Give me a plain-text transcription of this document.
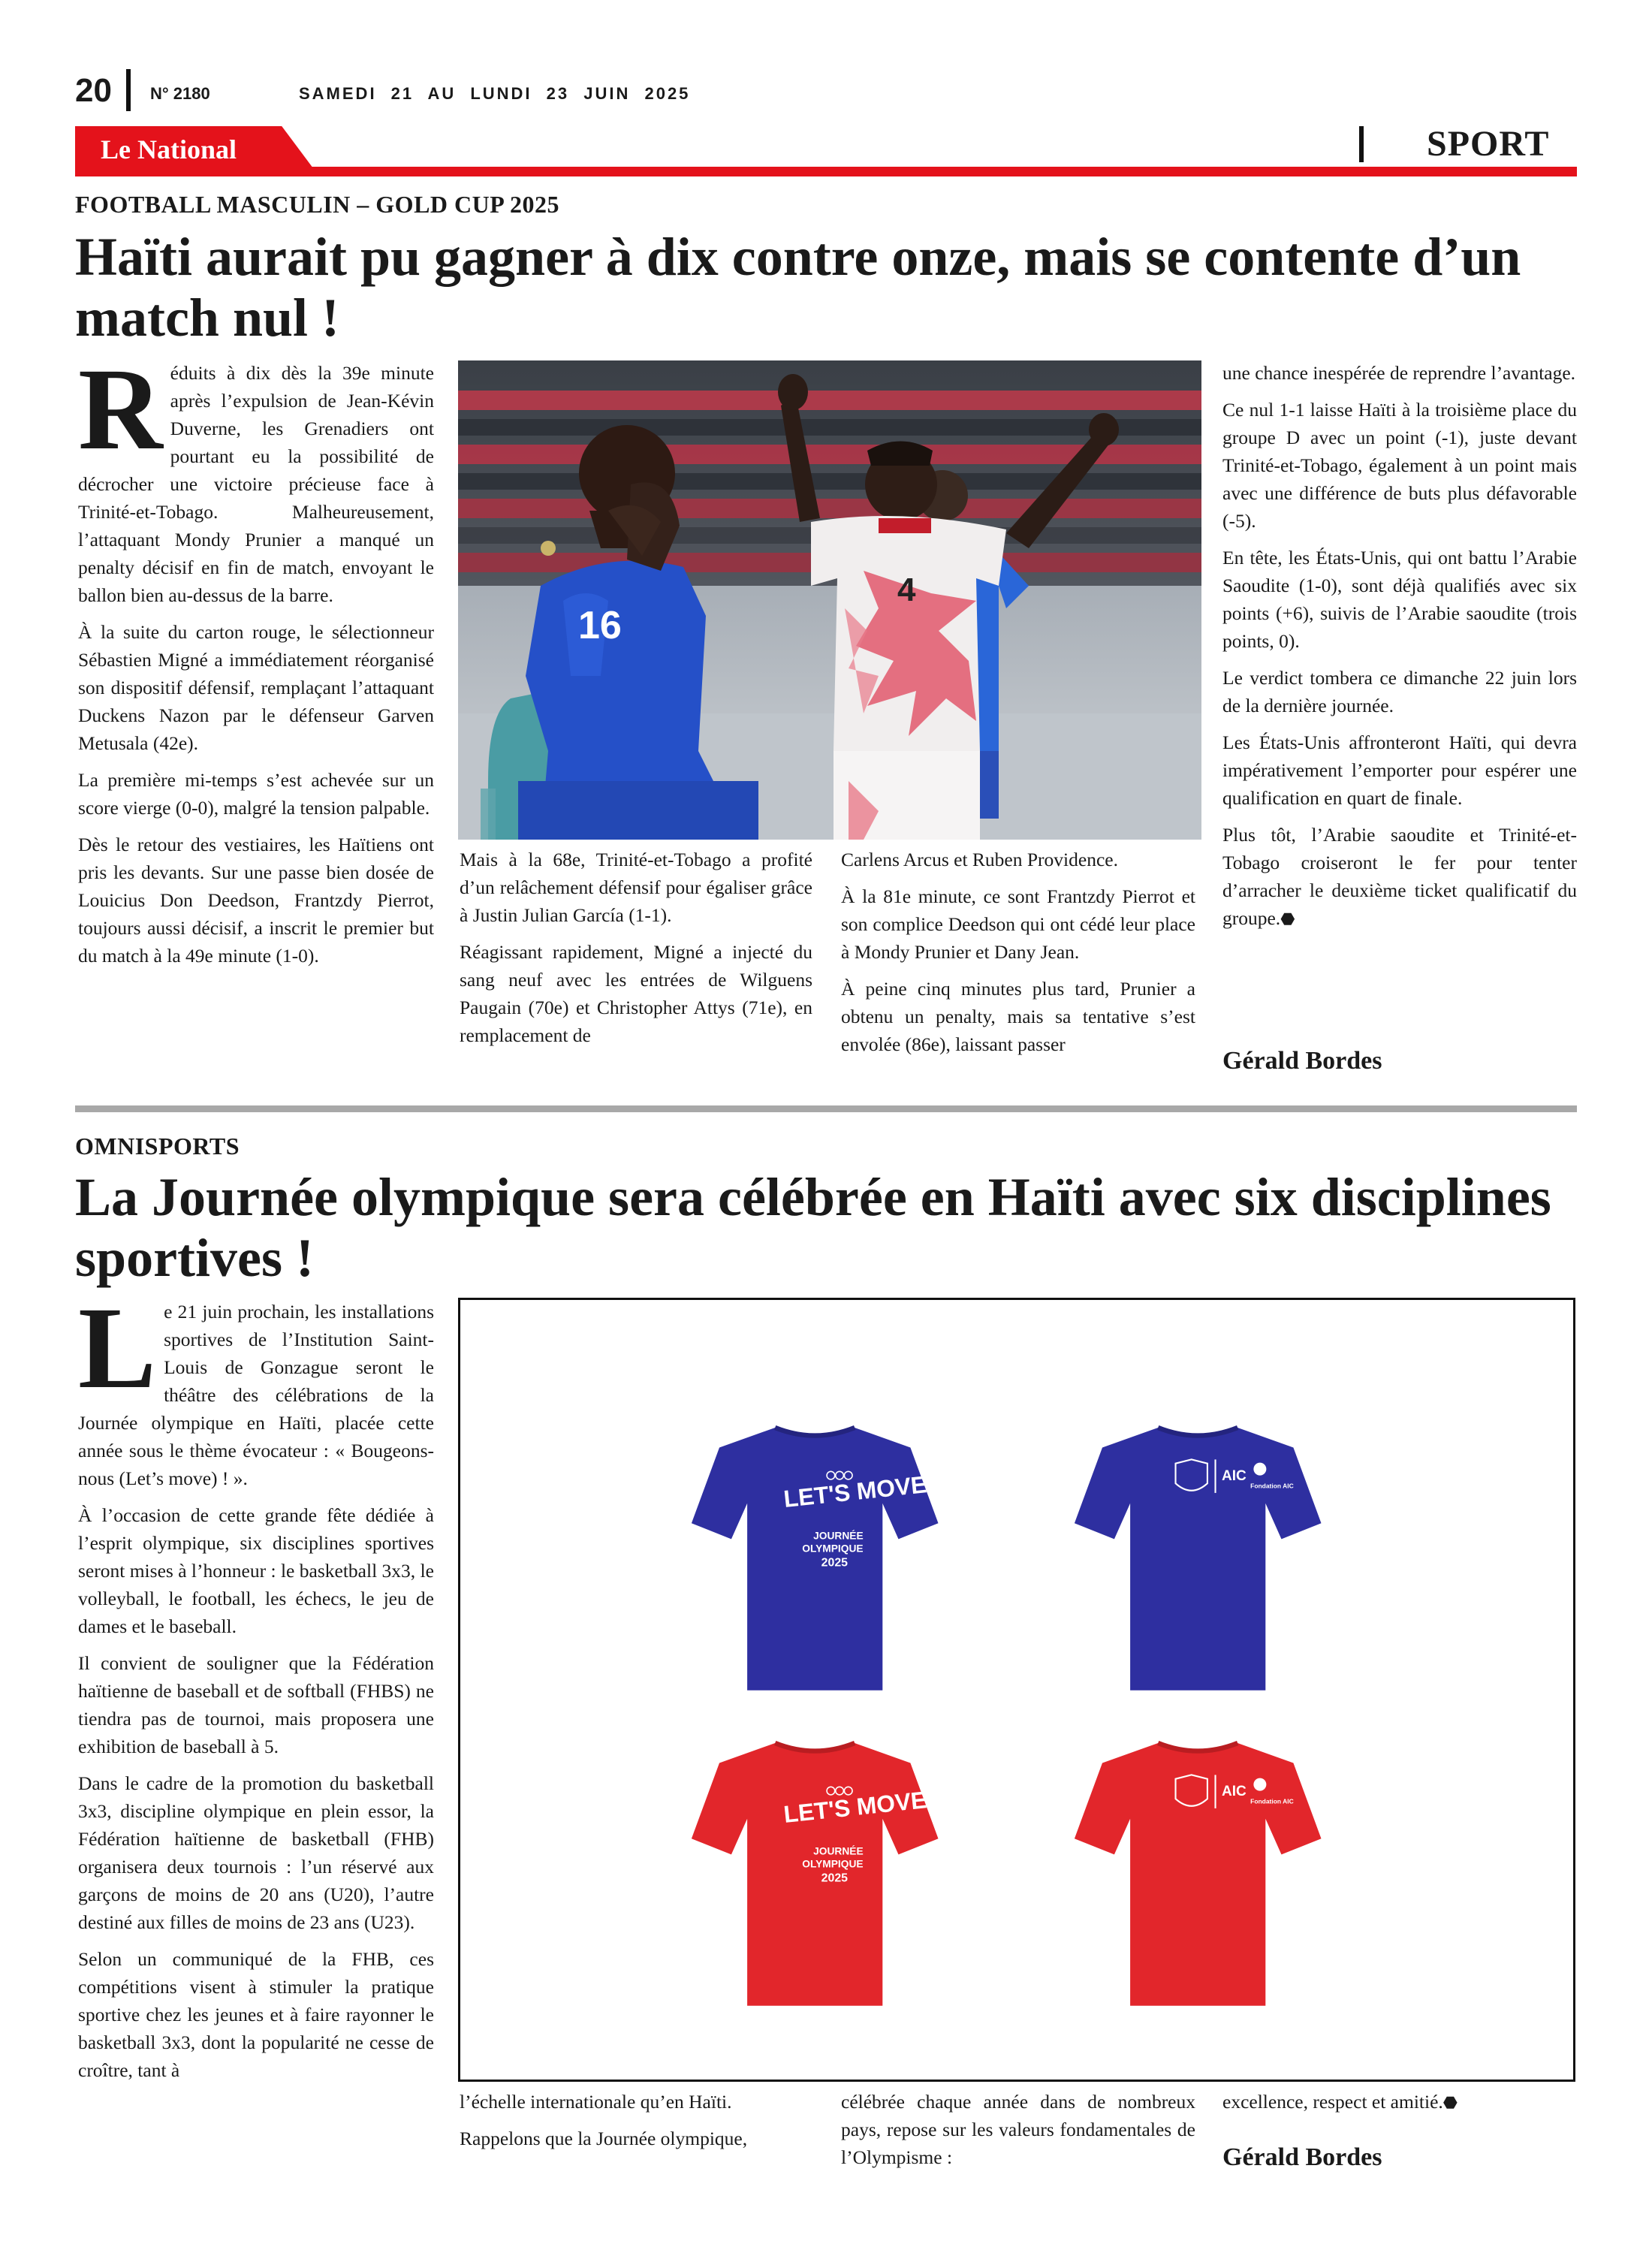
20 N° 2180	SAMEDI 21 AU LUNDI 23 JUIN 2025
Le National	SPORT
FOOTBALL MASCULIN – GOLD CUP 2025
Haïti aurait pu gagner à dix contre onze, mais se contente d’un match nul !
R éduits à dix dès la 39e minute après l’expulsion de Jean-Kévin Duverne, les Grenadiers ont pourtant eu la possibilité de décrocher une victoire précieuse face à Trinité-et-Tobago. Malheureusement, l’attaquant Mondy Prunier a manqué un penalty décisif en fin de match, envoyant le ballon bien au-dessus de la barre.

À la suite du carton rouge, le sélectionneur Sébastien Migné a immédiatement réorganisé son dispositif défensif, remplaçant l’attaquant Duckens Nazon par le défenseur Garven Metusala (42e).

La première mi-temps s’est achevée sur un score vierge (0-0), malgré la tension palpable.

Dès le retour des vestiaires, les Haïtiens ont pris les devants. Sur une passe bien dosée de Louicius Don Deedson, Frantzdy Pierrot, toujours aussi décisif, a inscrit le premier but du match à la 49e minute (1-0).

4
16

Mais à la 68e, Trinité-et-Tobago a profité d’un relâchement défensif pour égaliser grâce à Justin Julian García (1-1).

Réagissant rapidement, Migné a injecté du sang neuf avec les entrées de Wilguens Paugain (70e) et Christopher Attys (71e), en remplacement de

Carlens Arcus et Ruben Providence.

À la 81e minute, ce sont Frantzdy Pierrot et son complice Deedson qui ont cédé leur place à Mondy Prunier et Dany Jean.

À peine cinq minutes plus tard, Prunier a obtenu un penalty, mais sa tentative s’est envolée (86e), laissant passer

une chance inespérée de reprendre l’avantage.

Ce nul 1-1 laisse Haïti à la troisième place du groupe D avec un point (-1), juste devant Trinité-et-Tobago, également à un point mais avec une différence de buts plus défavorable (-5).

En tête, les États-Unis, qui ont battu l’Arabie Saoudite (1-0), sont déjà qualifiés avec six points (+6), suivis de l’Arabie saoudite (trois points, 0).

Le verdict tombera ce dimanche 22 juin lors de la dernière journée.

Les États-Unis affronteront Haïti, qui devra impérativement l’emporter pour espérer une qualification en quart de finale.

Plus tôt, l’Arabie saoudite et Trinité-et-Tobago croiseront le fer pour tenter d’arracher le deuxième ticket qualificatif du groupe.⬣

Gérald Bordes
OMNISPORTS
La Journée olympique sera célébrée en Haïti avec six disciplines sportives !
L e 21 juin prochain, les installations sportives de l’Institution Saint-Louis de Gonzague seront le théâtre des célébrations de la Journée olympique en Haïti, placée cette année sous le thème évocateur : « Bougeons-nous (Let’s move) ! ».

À l’occasion de cette grande fête dédiée à l’esprit olympique, six disciplines sportives seront mises à l’honneur : le basketball 3x3, le volleyball, le football, les échecs, le jeu de dames et le baseball.

Il convient de souligner que la Fédération haïtienne de baseball et de softball (FHBS) ne tiendra pas de tournoi, mais proposera une exhibition de baseball à 5.

Dans le cadre de la promotion du basketball 3x3, discipline olympique en plein essor, la Fédération haïtienne de basketball (FHB) organisera deux tournois : l’un réservé aux garçons de moins de 20 ans (U20), l’autre destiné aux filles de moins de 23 ans (U23).

Selon un communiqué de la FHB, ces compétitions visent à stimuler la pratique sportive chez les jeunes et à faire rayonner le basketball 3x3, dont la popularité ne cesse de croître, tant à

LET'S MOVE
JOURNÉE
OLYMPIQUE
2025
AIC
Fondation AIC
LET'S MOVE
JOURNÉE
OLYMPIQUE
2025
AIC
Fondation AIC

l’échelle internationale qu’en Haïti.

Rappelons que la Journée olympique,

célébrée chaque année dans de nombreux pays, repose sur les valeurs fondamentales de l’Olympisme :

excellence, respect et amitié.⬣

Gérald Bordes
